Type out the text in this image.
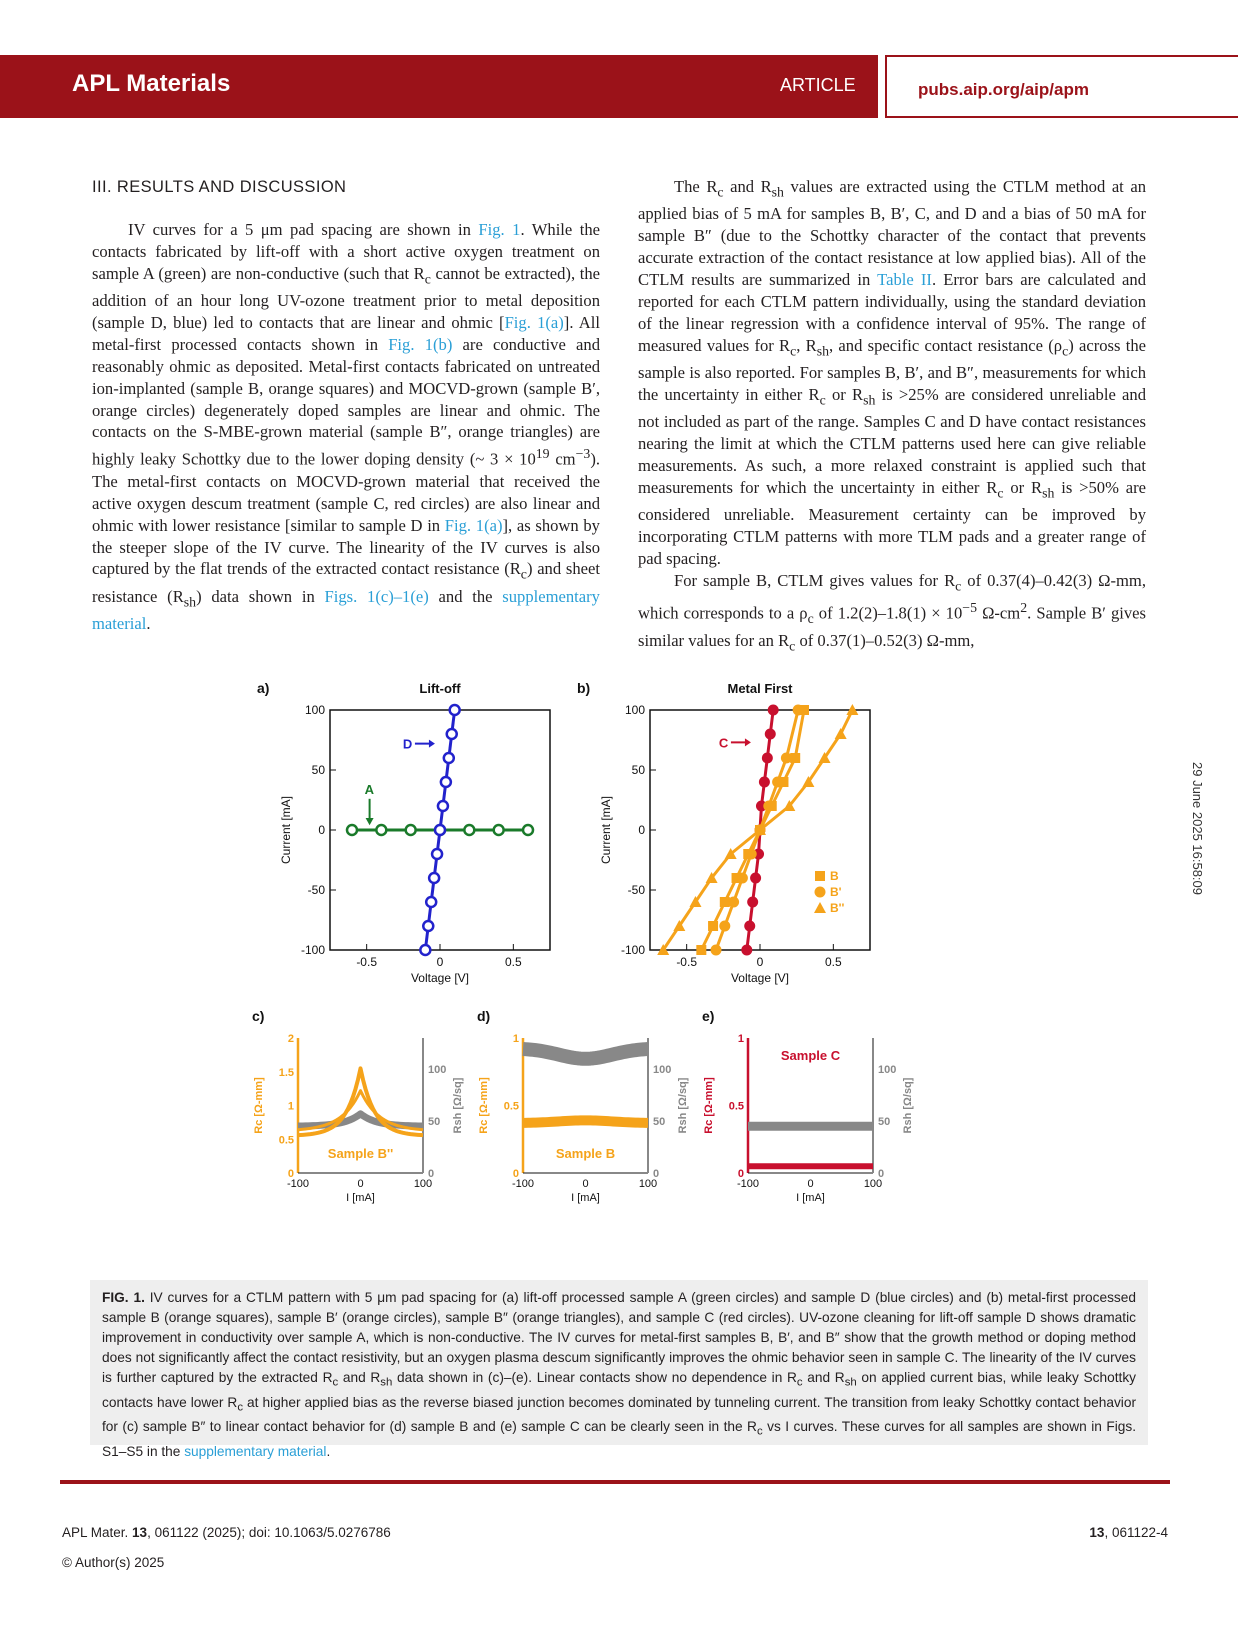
APL Materials	ARTICLE	pubs.aip.org/aip/apm
29 June 2025 16:58:09
III. RESULTS AND DISCUSSION

IV curves for a 5 μm pad spacing are shown in Fig. 1. While the contacts fabricated by lift-off with a short active oxygen treatment on sample A (green) are non-conductive (such that $R_c$ cannot be extracted), the addition of an hour long UV-ozone treatment prior to metal deposition (sample D, blue) led to contacts that are linear and ohmic [Fig. 1(a)]. All metal-first processed contacts shown in Fig. 1(b) are conductive and reasonably ohmic as deposited. Metal-first contacts fabricated on untreated ion-implanted (sample B, orange squares) and MOCVD-grown (sample B′, orange circles) degenerately doped samples are linear and ohmic. The contacts on the S-MBE-grown material (sample B″, orange triangles) are highly leaky Schottky due to the lower doping density (~ $3 \times 10^{19}$ $cm^{-3}$). The metal-first contacts on MOCVD-grown material that received the active oxygen descum treatment (sample C, red circles) are also linear and ohmic with lower resistance [similar to sample D in Fig. 1(a)], as shown by the steeper slope of the IV curve. The linearity of the IV curves is also captured by the flat trends of the extracted contact resistance $(R_c)$ and sheet resistance $(R_{sh})$ data shown in Figs. 1(c)–1(e) and the supplementary material.

The $R_c$ and $R_{sh}$ values are extracted using the CTLM method at an applied bias of 5 mA for samples B, B′, C, and D and a bias of 50 mA for sample B″ (due to the Schottky character of the contact that prevents accurate extraction of the contact resistance at low applied bias). All of the CTLM results are summarized in Table II. Error bars are calculated and reported for each CTLM pattern individually, using the standard deviation of the linear regression with a confidence interval of 95%. The range of measured values for $R_c$, $R_{sh}$, and specific contact resistance $(\rho_c)$ across the sample is also reported. For samples B, B′, and B″, measurements for which the uncertainty in either $R_c$ or $R_{sh}$ is >25% are considered unreliable and not included as part of the range. Samples C and D have contact resistances nearing the limit at which the CTLM patterns used here can give reliable measurements. As such, a more relaxed constraint is applied such that measurements for which the uncertainty in either $R_c$ or $R_{sh}$ is >50% are considered unreliable. Measurement certainty can be improved by incorporating CTLM patterns with more TLM pads and a greater range of pad spacing.

For sample B, CTLM gives values for $R_c$ of 0.37(4)–0.42(3) Ω-mm, which corresponds to a $\rho_c$ of $1.2(2)-1.8(1) \times 10^{-5}$ $\Omega-cm^2$. Sample B′ gives similar values for an $R_c$ of 0.37(1)–0.52(3) Ω-mm,

a)	Lift-off
100
50
0
-50
-100
-0.5	0	0.5
Voltage [V]
Current [mA]
D
A
b)	Metal First
100
50
0
-50
-100
-0.5	0	0.5
Voltage [V]
Current [mA]
C
B
B'
B''
c)
0
0.5
1
1.5
2
0
50
100
-100	0	100
I [mA]
Rc [Ω-mm]	Rsh [Ω/sq]
Sample B''
d)
0
0.5
1
0
50
100
-100	0	100
I [mA]
Rc [Ω-mm]	Rsh [Ω/sq]
Sample B
e)
0
0.5
1
0
50
100
-100	0	100
I [mA]
Rc [Ω-mm]	Rsh [Ω/sq]
Sample C
FIG. 1. IV curves for a CTLM pattern with 5 μm pad spacing for (a) lift-off processed sample A (green circles) and sample D (blue circles) and (b) metal-first processed sample B (orange squares), sample B′ (orange circles), sample B″ (orange triangles), and sample C (red circles). UV-ozone cleaning for lift-off sample D shows dramatic improvement in conductivity over sample A, which is non-conductive. The IV curves for metal-first samples B, B′, and B″ show that the growth method or doping method does not significantly affect the contact resistivity, but an oxygen plasma descum significantly improves the ohmic behavior seen in sample C. The linearity of the IV curves is further captured by the extracted $R_c$ and $R_{sh}$ data shown in (c)–(e). Linear contacts show no dependence in $R_c$ and $R_{sh}$ on applied current bias, while leaky Schottky contacts have lower $R_c$ at higher applied bias as the reverse biased junction becomes dominated by tunneling current. The transition from leaky Schottky contact behavior for (c) sample B″ to linear contact behavior for (d) sample B and (e) sample C can be clearly seen in the $R_c$ vs I curves. These curves for all samples are shown in Figs. S1–S5 in the supplementary material.
APL Mater. 13, 061122 (2025); doi: 10.1063/5.0276786
© Author(s) 2025
13, 061122-4
